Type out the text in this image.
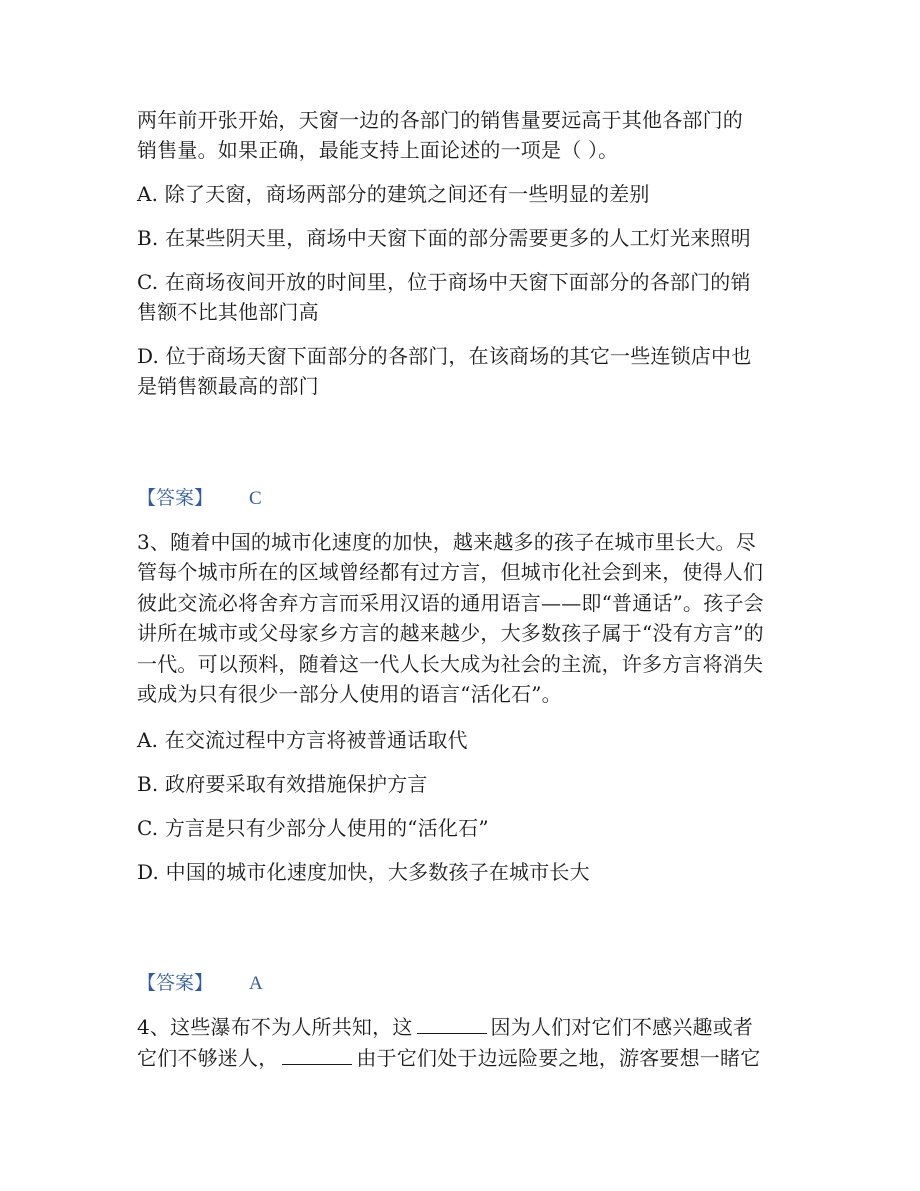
两年前开张开始，天窗一边的各部门的销售量要远高于其他各部门的
销售量。如果正确，最能支持上面论述的一项是（ ）。
A. 除了天窗，商场两部分的建筑之间还有一些明显的差别
B. 在某些阴天里，商场中天窗下面的部分需要更多的人工灯光来照明
C. 在商场夜间开放的时间里，位于商场中天窗下面部分的各部门的销
售额不比其他部门高
D. 位于商场天窗下面部分的各部门，在该商场的其它一些连锁店中也
是销售额最高的部门
【答案】 C
3、随着中国的城市化速度的加快，越来越多的孩子在城市里长大。尽
管每个城市所在的区域曾经都有过方言，但城市化社会到来，使得人们
彼此交流必将舍弃方言而采用汉语的通用语言——即“普通话”。孩子会
讲所在城市或父母家乡方言的越来越少，大多数孩子属于“没有方言”的
一代。可以预料，随着这一代人长大成为社会的主流，许多方言将消失
或成为只有很少一部分人使用的语言“活化石”。
A. 在交流过程中方言将被普通话取代
B. 政府要采取有效措施保护方言
C. 方言是只有少部分人使用的“活化石”
D. 中国的城市化速度加快，大多数孩子在城市长大
【答案】 A
4、这些瀑布不为人所共知，这	因为人们对它们不感兴趣或者
它们不够迷人，	由于它们处于边远险要之地，游客要想一睹它
